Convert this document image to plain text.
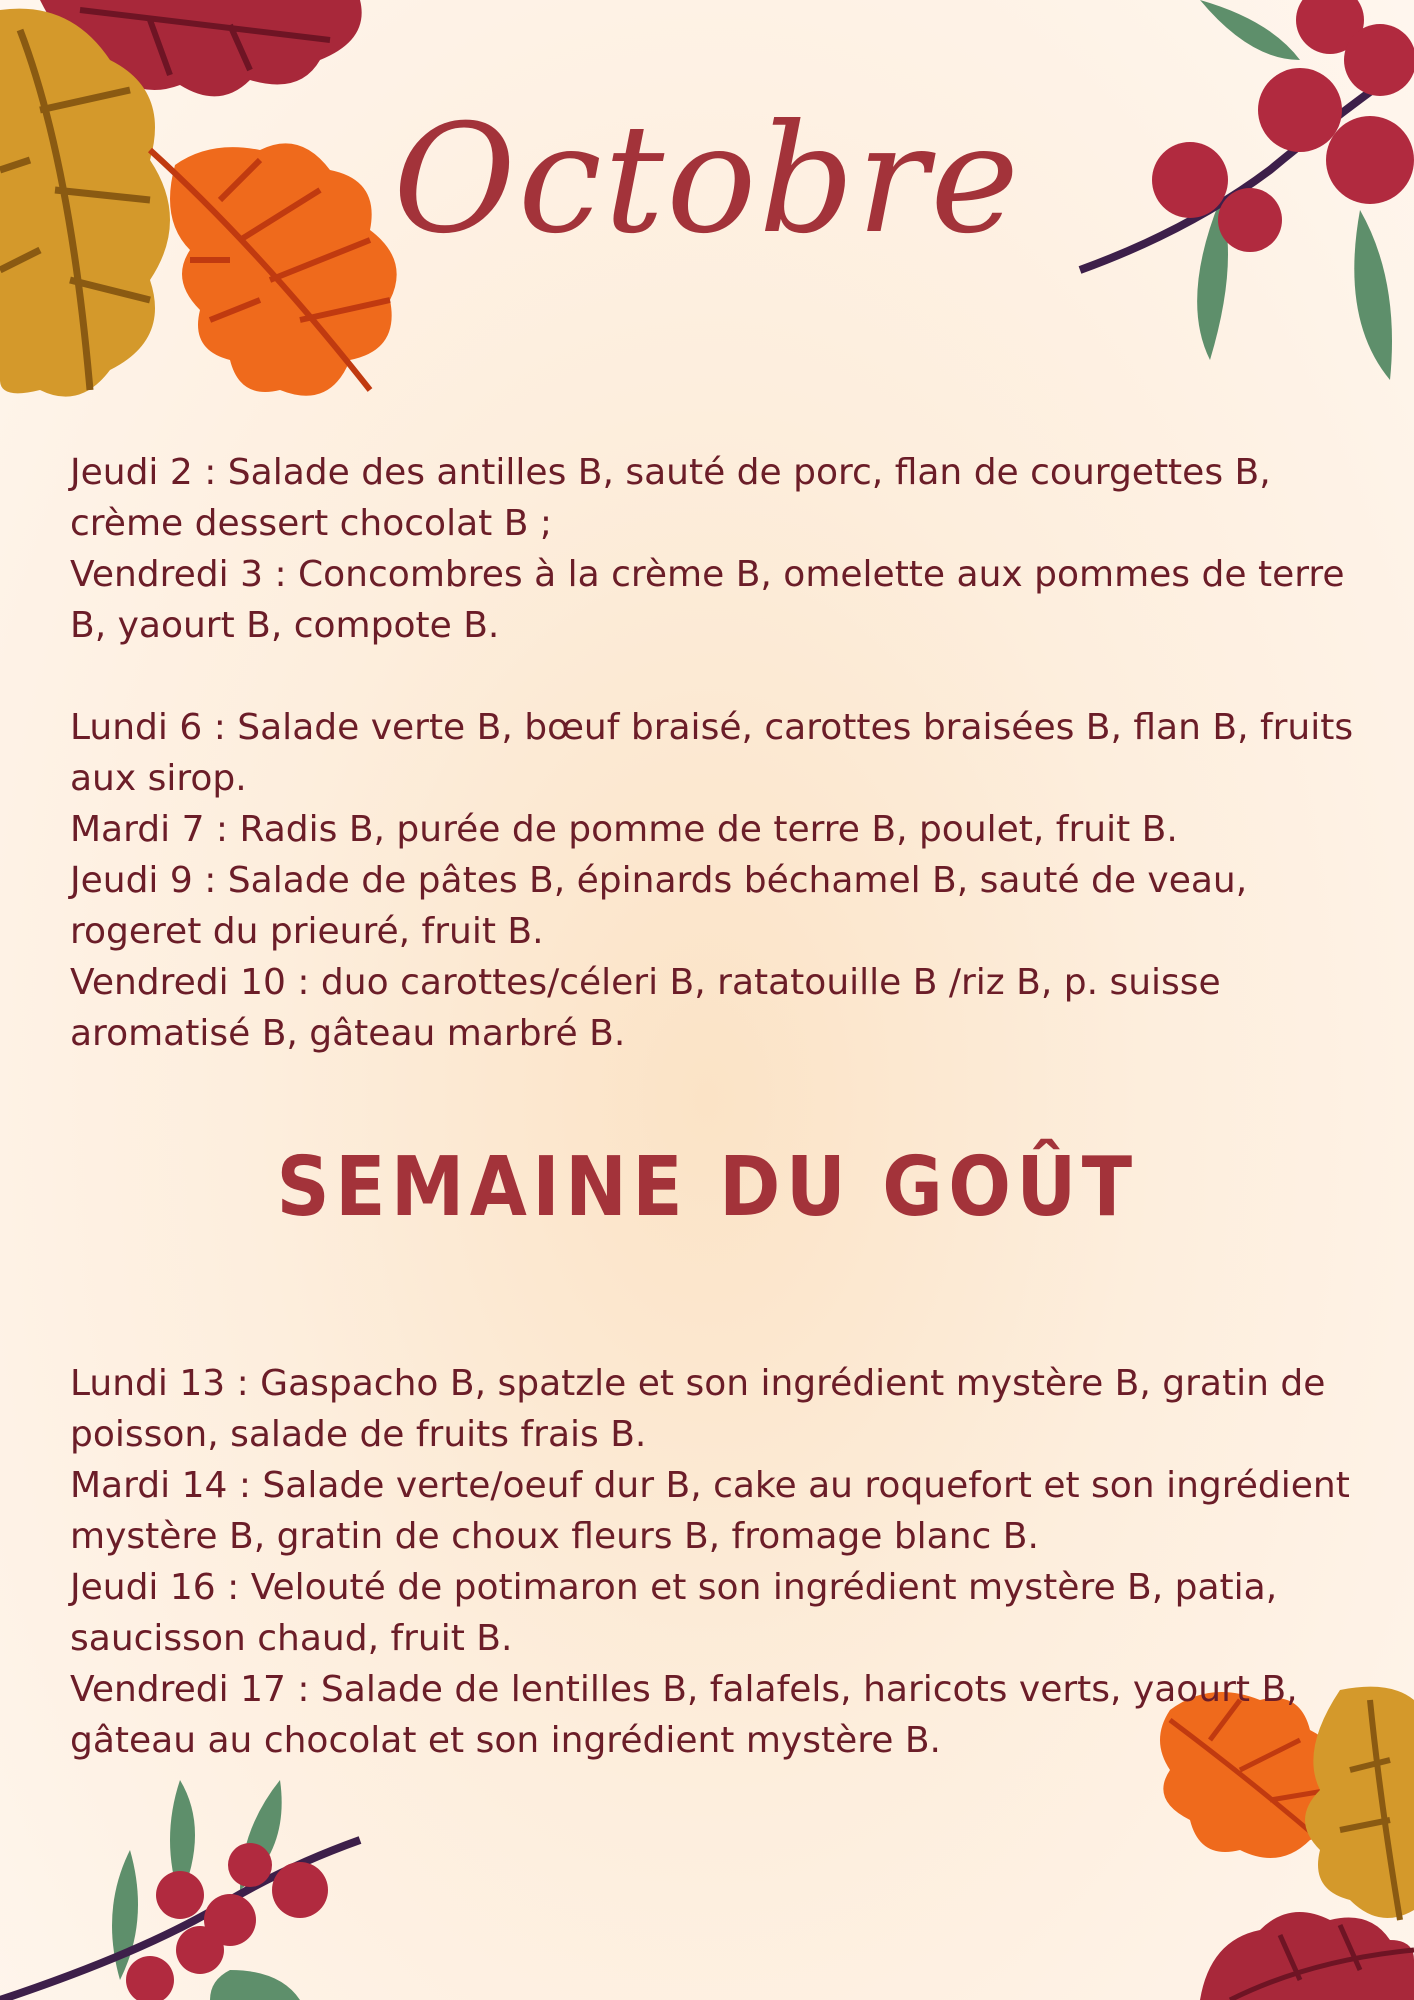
Octobre

Jeudi 2 : Salade des antilles B, sauté de porc, flan de courgettes B, crème dessert chocolat B ;

Vendredi 3 : Concombres à la crème B, omelette aux pommes de terre B, yaourt B, compote B.

Lundi 6 : Salade verte B, bœuf braisé, carottes braisées B, flan B, fruits aux sirop.

Mardi 7 : Radis B, purée de pomme de terre B, poulet, fruit B.

Jeudi 9 : Salade de pâtes B, épinards béchamel B, sauté de veau, rogeret du prieuré, fruit B.

Vendredi 10 : duo carottes/céleri B, ratatouille B /riz B, p. suisse aromatisé B, gâteau marbré B.

SEMAINE DU GOÛT

Lundi 13 : Gaspacho B, spatzle et son ingrédient mystère B, gratin de poisson, salade de fruits frais B.

Mardi 14 : Salade verte/oeuf dur B, cake au roquefort et son ingrédient mystère B, gratin de choux fleurs B, fromage blanc B.

Jeudi 16 : Velouté de potimaron et son ingrédient mystère B, patia, saucisson chaud, fruit B.

Vendredi 17 : Salade de lentilles B, falafels, haricots verts, yaourt B, gâteau au chocolat et son ingrédient mystère B.
